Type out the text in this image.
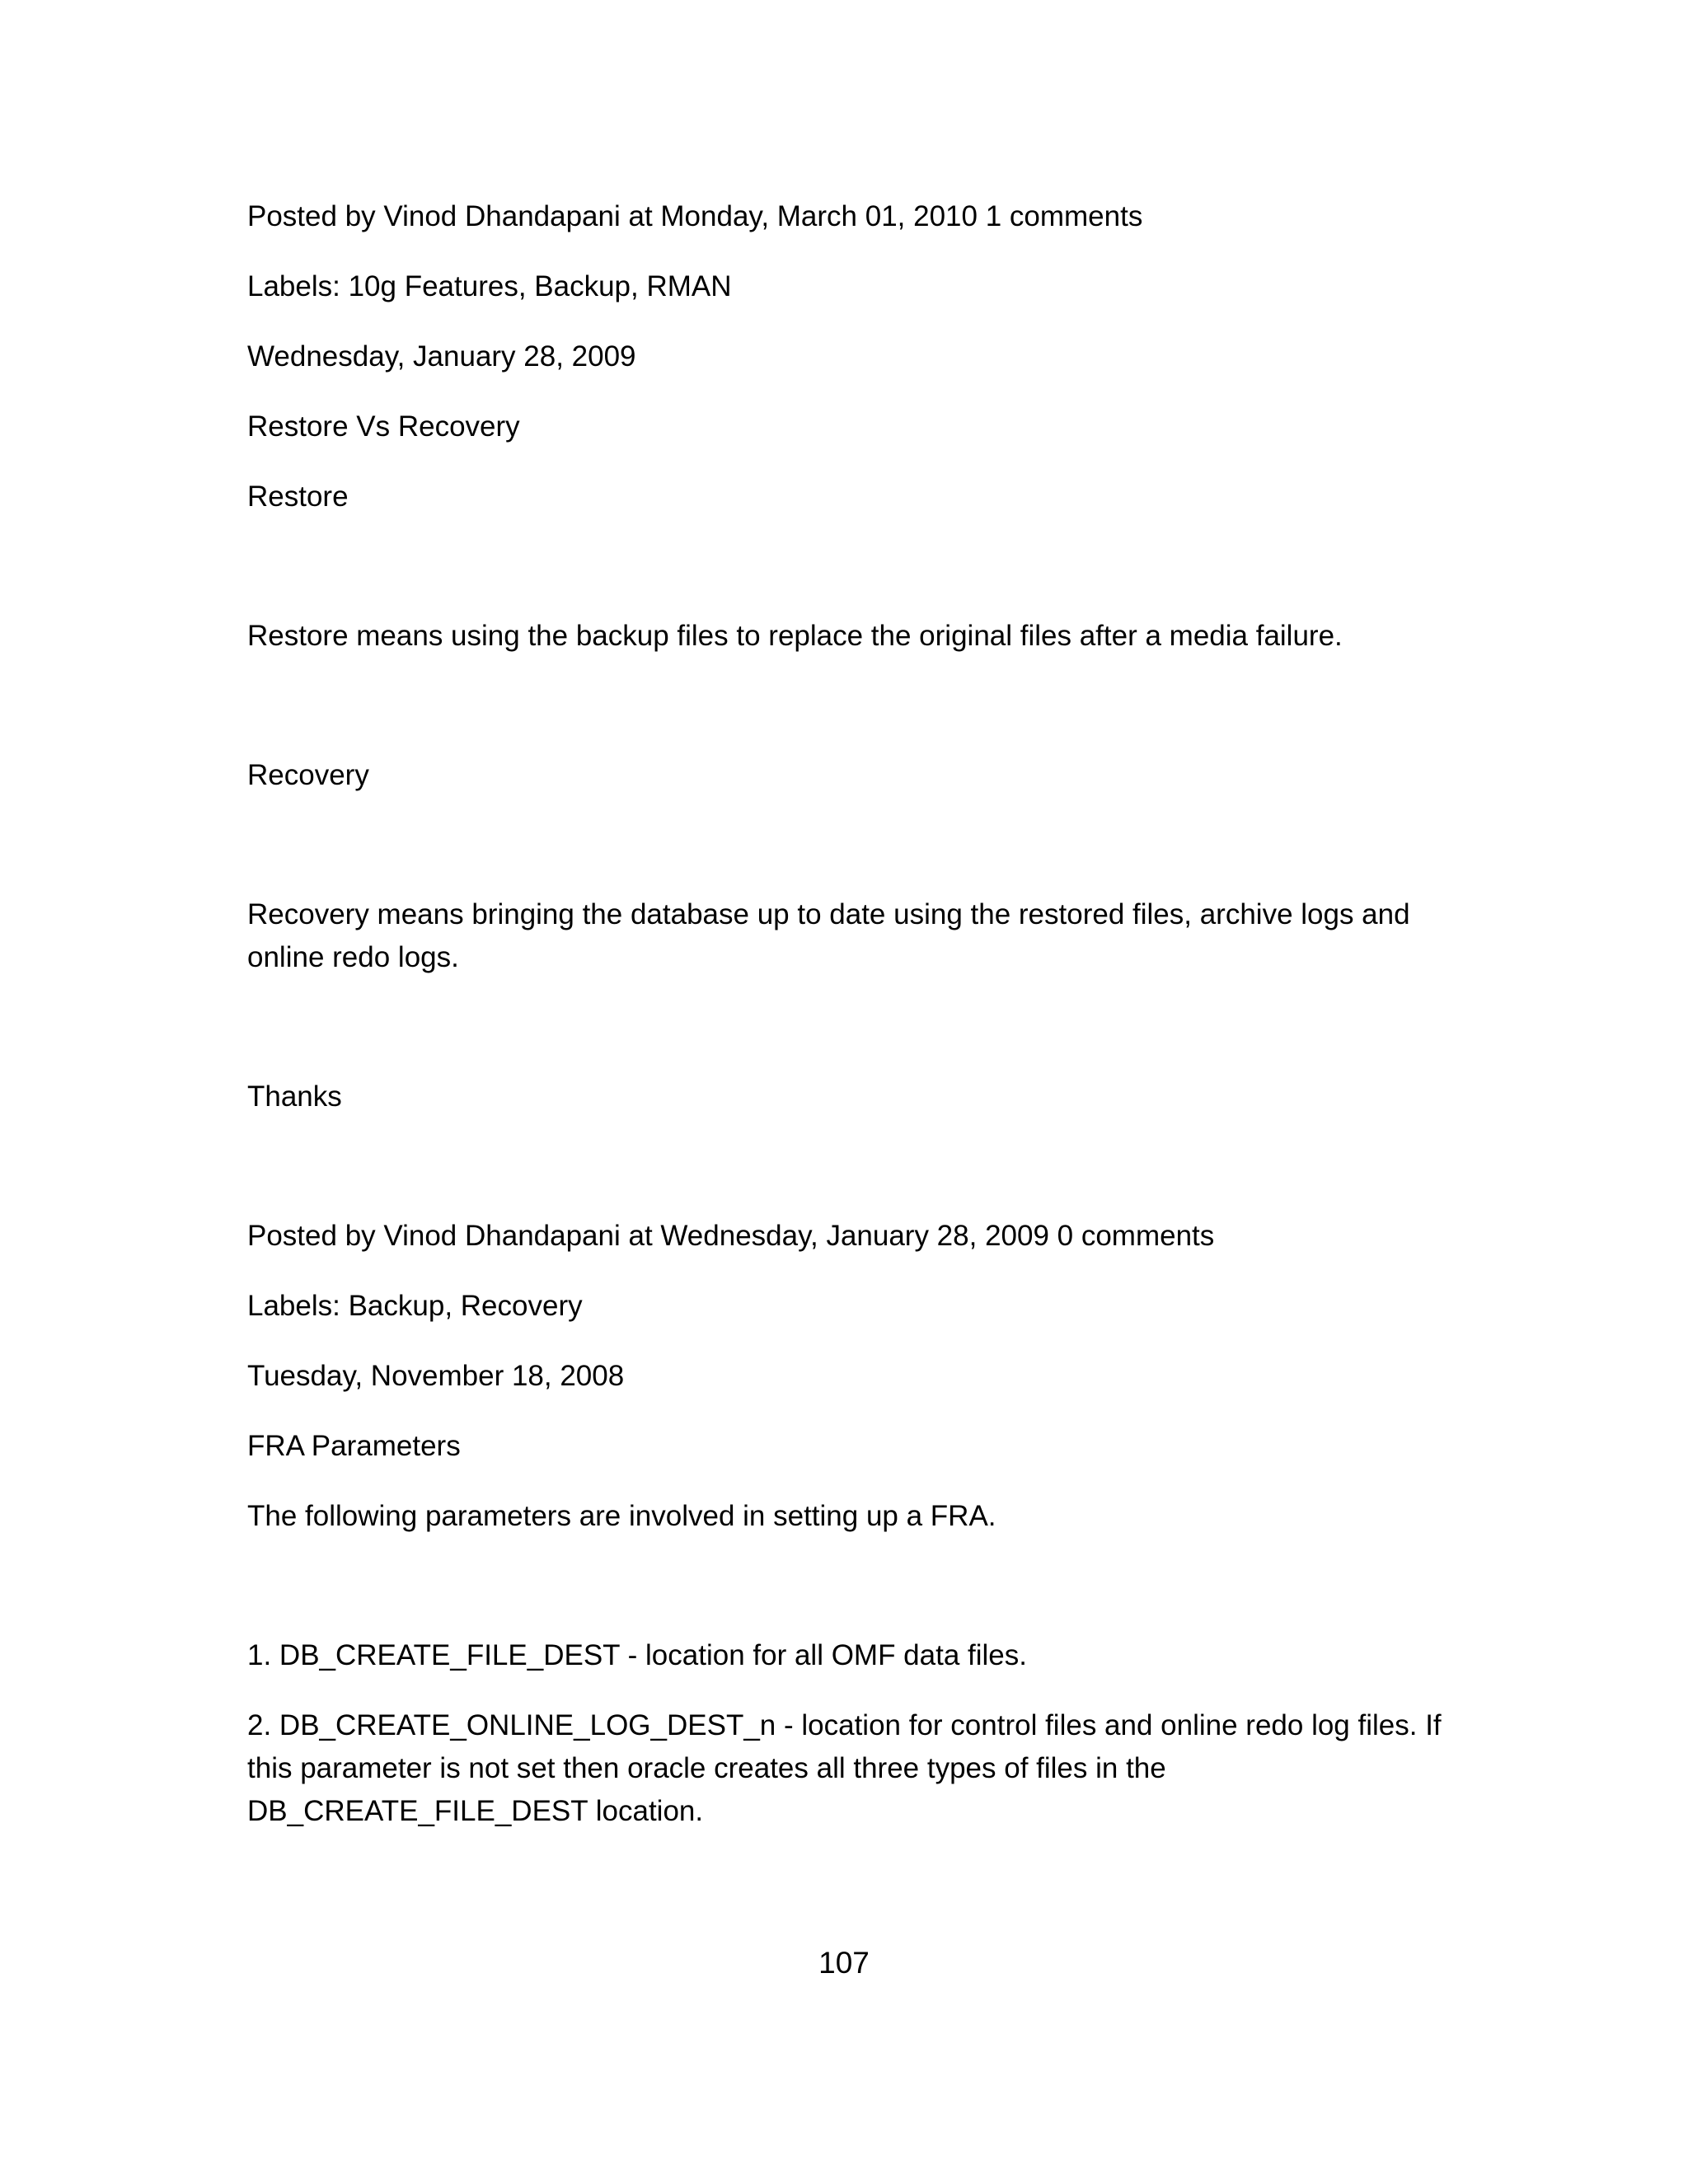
Posted by Vinod Dhandapani at Monday, March 01, 2010 1 comments

Labels: 10g Features, Backup, RMAN

Wednesday, January 28, 2009

Restore Vs Recovery

Restore

Restore means using the backup files to replace the original files after a media failure.

Recovery

Recovery means bringing the database up to date using the restored files, archive logs and online redo logs.

Thanks

Posted by Vinod Dhandapani at Wednesday, January 28, 2009 0 comments

Labels: Backup, Recovery

Tuesday, November 18, 2008

FRA Parameters

The following parameters are involved in setting up a FRA.

1. DB_CREATE_FILE_DEST - location for all OMF data files.

2. DB_CREATE_ONLINE_LOG_DEST_n - location for control files and online redo log files. If this parameter is not set then oracle creates all three types of files in the DB_CREATE_FILE_DEST location.

107
